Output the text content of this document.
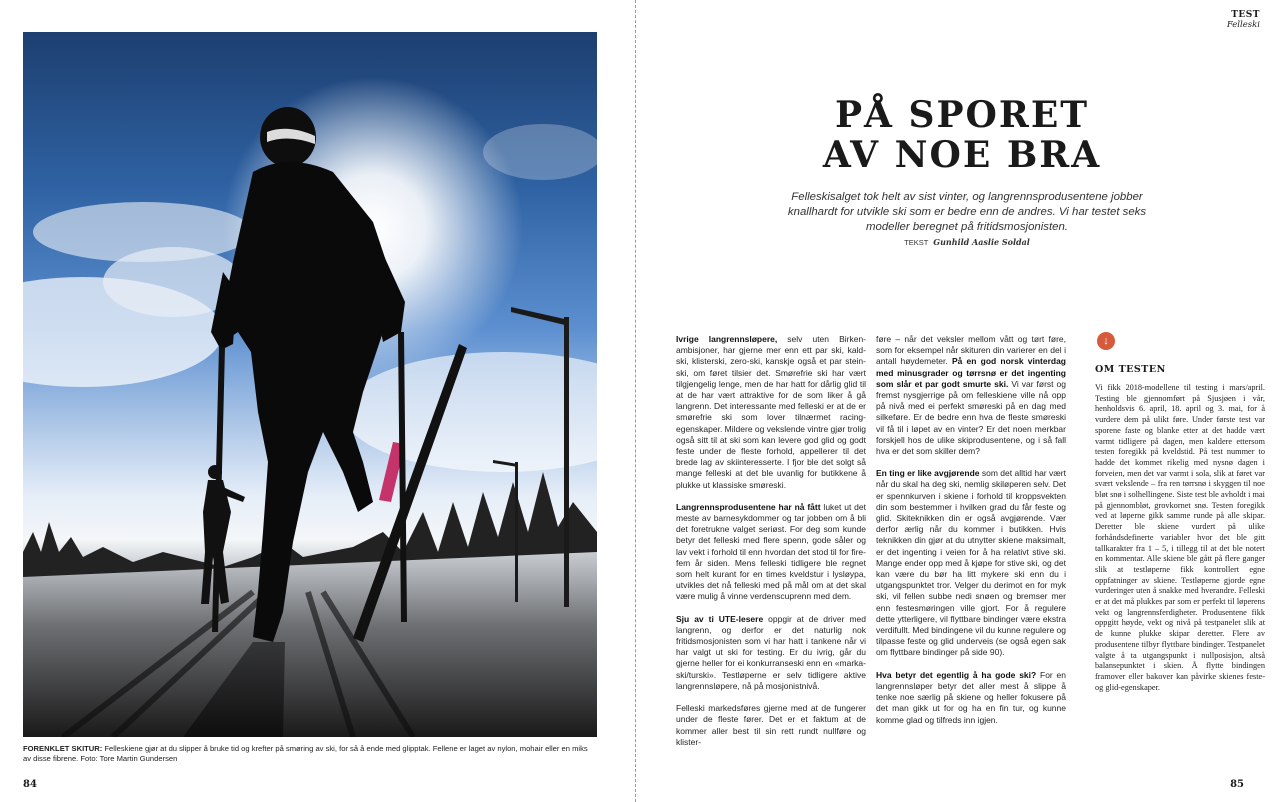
FORENKLET SKITUR: Felleskiene gjør at du slipper å bruke tid og krefter på smøring av ski, for så å ende med glipptak. Fellene er laget av nylon, mohair eller en miks av disse fibrene. Foto: Tore Martin Gundersen
84
TEST
Felleski
PÅ SPORET
AV NOE BRA
Felleskisalget tok helt av sist vinter, og langrennsprodusentene jobber knallhardt for utvikle ski som er bedre enn de andres. Vi har testet seks modeller beregnet på fritidsmosjonisten.
TEKST Gunhild Aaslie Soldal

Ivrige langrennsløpere, selv uten Birken-ambisjoner, har gjerne mer enn ett par ski, kald-ski, klisterski, zero-ski, kanskje også et par stein-ski, om føret tilsier det. Smørefrie ski har vært tilgjengelig lenge, men de har hatt for dårlig glid til at de har vært attraktive for de som liker å gå langrenn. Det interessante med felleski er at de er smørefrie ski som lover tilnærmet racing-egenskaper. Mildere og vekslende vintre gjør trolig også sitt til at ski som kan levere god glid og godt feste under de fleste forhold, appellerer til det brede lag av skiinteresserte. I fjor ble det solgt så mange felleski at det ble uvanlig for butikkene å plukke ut klassiske smøreski.

Langrennsprodusentene har nå fått luket ut det meste av barnesykdommer og tar jobben om å bli det foretrukne valget seriøst. For deg som kunde betyr det felleski med flere spenn, gode såler og lav vekt i forhold til enn hvordan det stod til for fire-fem år siden. Mens felleski tidligere ble regnet som helt kurant for en times kveldstur i lysløypa, utvikles det nå felleski med på mål om at det skal være mulig å vinne verdenscuprenn med dem.

Sju av ti UTE-lesere oppgir at de driver med langrenn, og derfor er det naturlig nok fritidsmosjonisten som vi har hatt i tankene når vi har valgt ut ski for testing. Er du ivrig, går du gjerne heller for ei konkurranseski enn en «marka-ski/turski». Testløperne er selv tidligere aktive langrennsløpere, nå på mosjonistnivå.

Felleski markedsføres gjerne med at de fungerer under de fleste fører. Det er et faktum at de kommer aller best til sin rett rundt nullføre og klister-

føre – når det veksler mellom vått og tørt føre, som for eksempel når skituren din varierer en del i antall høydemeter. På en god norsk vinterdag med minusgrader og tørrsnø er det ingenting som slår et par godt smurte ski. Vi var først og fremst nysgjerrige på om felleskiene ville nå opp på nivå med ei perfekt smøreski på en dag med silkeføre. Er de bedre enn hva de fleste smøreski vil få til i løpet av en vinter? Er det noen merkbar forskjell hos de ulike skiprodusentene, og i så fall hva er det som skiller dem?

En ting er like avgjørende som det alltid har vært når du skal ha deg ski, nemlig skiløperen selv. Det er spennkurven i skiene i forhold til kroppsvekten din som bestemmer i hvilken grad du får feste og glid. Skiteknikken din er også avgjørende. Vær derfor ærlig når du kommer i butikken. Hvis teknikken din gjør at du utnytter skiene maksimalt, er det ingenting i veien for å ha relativt stive ski. Mange ender opp med å kjøpe for stive ski, og det kan være du bør ha litt mykere ski enn du i utgangspunktet tror. Velger du derimot en for myk ski, vil fellen subbe nedi snøen og bremser mer enn festesmøringen ville gjort. For å regulere dette ytterligere, vil flyttbare bindinger være ekstra verdifullt. Med bindingene vil du kunne regulere og tilpasse feste og glid underveis (se også egen sak om flyttbare bindinger på side 90).

Hva betyr det egentlig å ha gode ski? For en langrennsløper betyr det aller mest å slippe å tenke noe særlig på skiene og heller fokusere på det man gikk ut for og ha en fin tur, og kunne komme glad og tilfreds inn igjen.

↓
OM TESTEN
Vi fikk 2018-modellene til testing i mars/april. Testing ble gjennomført på Sjusjøen i vår, henholdsvis 6. april, 18. april og 3. mai, for å vurdere dem på ulikt føre. Under første test var sporene faste og blanke etter at det hadde vært varmt tidligere på dagen, men kaldere ettersom testen foregikk på kveldstid. På test nummer to hadde det kommet rikelig med nysnø dagen i forveien, men det var varmt i sola, slik at føret var svært vekslende – fra ren tørrsnø i skyggen til noe bløt snø i solhellingene. Siste test ble avholdt i mai på gjennombløt, grovkornet snø. Testen foregikk ved at løperne gikk samme runde på alle skipar. Deretter ble skiene vurdert på ulike forhåndsdefinerte variabler hvor det ble gitt tallkarakter fra 1 – 5, i tillegg til at det ble notert en kommentar. Alle skiene ble gått på flere ganger slik at testløperne fikk kontrollert egne oppfatninger av skiene. Testløperne gjorde egne vurderinger uten å snakke med hverandre. Felleski er at det må plukkes par som er perfekt til løperens vekt og langrennsferdigheter. Produsentene fikk oppgitt høyde, vekt og nivå på testpanelet slik at de kunne plukke skipar deretter. Flere av produsentene tilbyr flyttbare bindinger. Testpanelet valgte å ta utgangspunkt i nullposisjon, altså balansepunktet i skien. Å flytte bindingen framover eller bakover kan påvirke skienes feste- og glid-egenskaper.
85
